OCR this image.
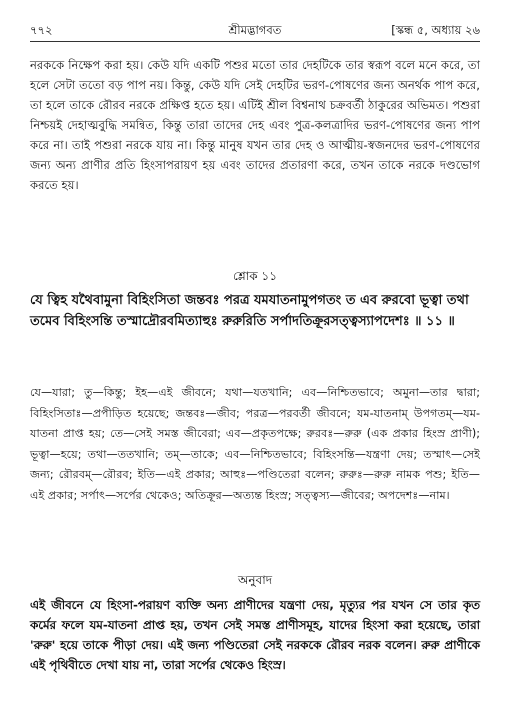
৭৭২	শ্রীমদ্ভাগবত	[স্কন্ধ ৫, অধ্যায় ২৬

নরককে নিক্ষেপ করা হয়। কেউ যদি একটি পশুর মতো তার দেহটিকে তার স্বরূপ বলে মনে করে, তা হলে সেটা ততো বড় পাপ নয়। কিন্তু, কেউ যদি সেই দেহটির ভরণ-পোষণের জন্য অনর্থক পাপ করে, তা হলে তাকে রৌরব নরকে প্রক্ষিপ্ত হতে হয়। এটিই শ্রীল বিশ্বনাথ চক্রবর্তী ঠাকুরের অভিমত। পশুরা নিশ্চয়ই দেহাত্মবুদ্ধি সমন্বিত, কিন্তু তারা তাদের দেহ এবং পুত্র-কলত্রাদির ভরণ-পোষণের জন্য পাপ করে না। তাই পশুরা নরকে যায় না। কিন্তু মানুষ যখন তার দেহ ও আত্মীয়-স্বজনদের ভরণ-পোষণের জন্য অন্য প্রাণীর প্রতি হিংসাপরায়ণ হয় এবং তাদের প্রতারণা করে, তখন তাকে নরকে দণ্ডভোগ করতে হয়।

শ্লোক ১১

যে ত্বিহ যথৈবামুনা বিহিংসিতা জন্তবঃ পরত্র যমযাতনামুপগতং ত এব রুরবো ভূত্বা তথা তমেব বিহিংসন্তি তস্মাদ্রৌরবমিত্যাহুঃ রুরুরিতি সর্পাদতিক্রূরসত্ত্বস্যাপদেশঃ ॥ ১১ ॥

যে—যারা; তু—কিন্তু; ইহ—এই জীবনে; যথা—যতখানি; এব—নিশ্চিতভাবে; অমুনা—তার দ্বারা; বিহিংসিতাঃ—প্রপীড়িত হয়েছে; জন্তবঃ—জীব; পরত্র—পরবর্তী জীবনে; যম-যাতনাম্ উপগতম্—যম-যাতনা প্রাপ্ত হয়; তে—সেই সমস্ত জীবেরা; এব—প্রকৃতপক্ষে; রুরবঃ—রুরু (এক প্রকার হিংস্র প্রাণী); ভূত্বা—হয়ে; তথা—ততখানি; তম্—তাকে; এব—নিশ্চিতভাবে; বিহিংসন্তি—যন্ত্রণা দেয়; তস্মাৎ—সেই জন্য; রৌরবম্—রৌরব; ইতি—এই প্রকার; আহুঃ—পণ্ডিতেরা বলেন; রুরুঃ—রুরু নামক পশু; ইতি—এই প্রকার; সর্পাৎ—সর্পের থেকেও; অতিক্রূর—অত্যন্ত হিংস্র; সত্ত্বস্য—জীবের; অপদেশঃ—নাম।

অনুবাদ

এই জীবনে যে হিংসা-পরায়ণ ব্যক্তি অন্য প্রাণীদের যন্ত্রণা দেয়, মৃত্যুর পর যখন সে তার কৃত কর্মের ফলে যম-যাতনা প্রাপ্ত হয়, তখন সেই সমস্ত প্রাণীসমূহ, যাদের হিংসা করা হয়েছে, তারা 'রুরু' হয়ে তাকে পীড়া দেয়। এই জন্য পণ্ডিতেরা সেই নরককে রৌরব নরক বলেন। রুরু প্রাণীকে এই পৃথিবীতে দেখা যায় না, তারা সর্পের থেকেও হিংস্র।
